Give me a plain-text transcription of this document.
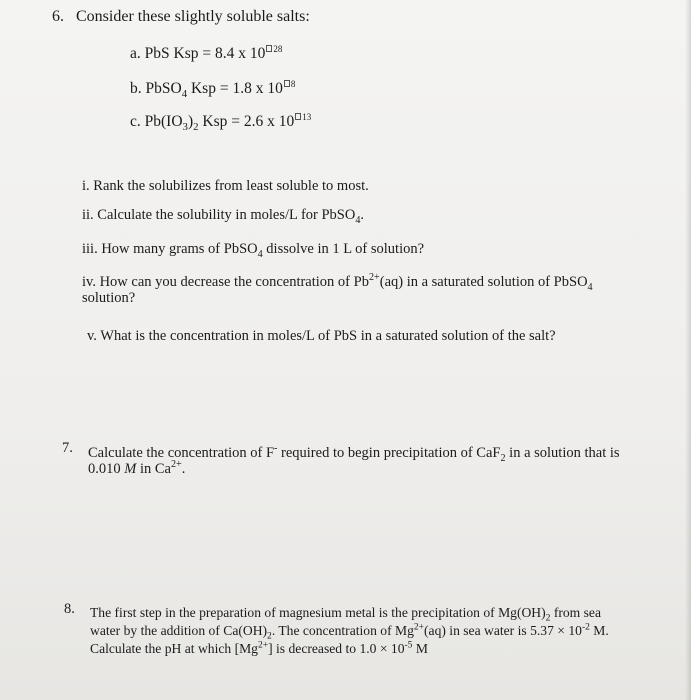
6. Consider these slightly soluble salts:
a. PbS Ksp = 8.4 x 10 $^{28}$
b. PbSO$_4$ Ksp = 1.8 x 10 $^8$
c. $Pb(IO_3)_2$ Ksp = 2.6 x 10 $^{13}$
i. Rank the solubilizes from least soluble to most.
ii. Calculate the solubility in moles/L for PbSO$_4$.
iii. How many grams of PbSO$_4$ dissolve in 1 L of solution?
iv. How can you decrease the concentration of $Pb^{2+}(aq)$ in a saturated solution of PbSO$_4$
solution?
v. What is the concentration in moles/L of PbS in a saturated solution of the salt?
7. Calculate the concentration of F- required to begin precipitation of CaF$_2$ in a solution that is
0.010 M in $Ca^{2+}$.
8. The first step in the preparation of magnesium metal is the precipitation of $Mg(OH)_2$ from sea
water by the addition of $Ca(OH)_2$. The concentration of $Mg^{2+}(aq)$ in sea water is $5.37 \times 10^{-2}$ M.
Calculate the pH at which $[Mg^{2+}]$ is decreased to $1.0 \times 10^{-5}$ M
